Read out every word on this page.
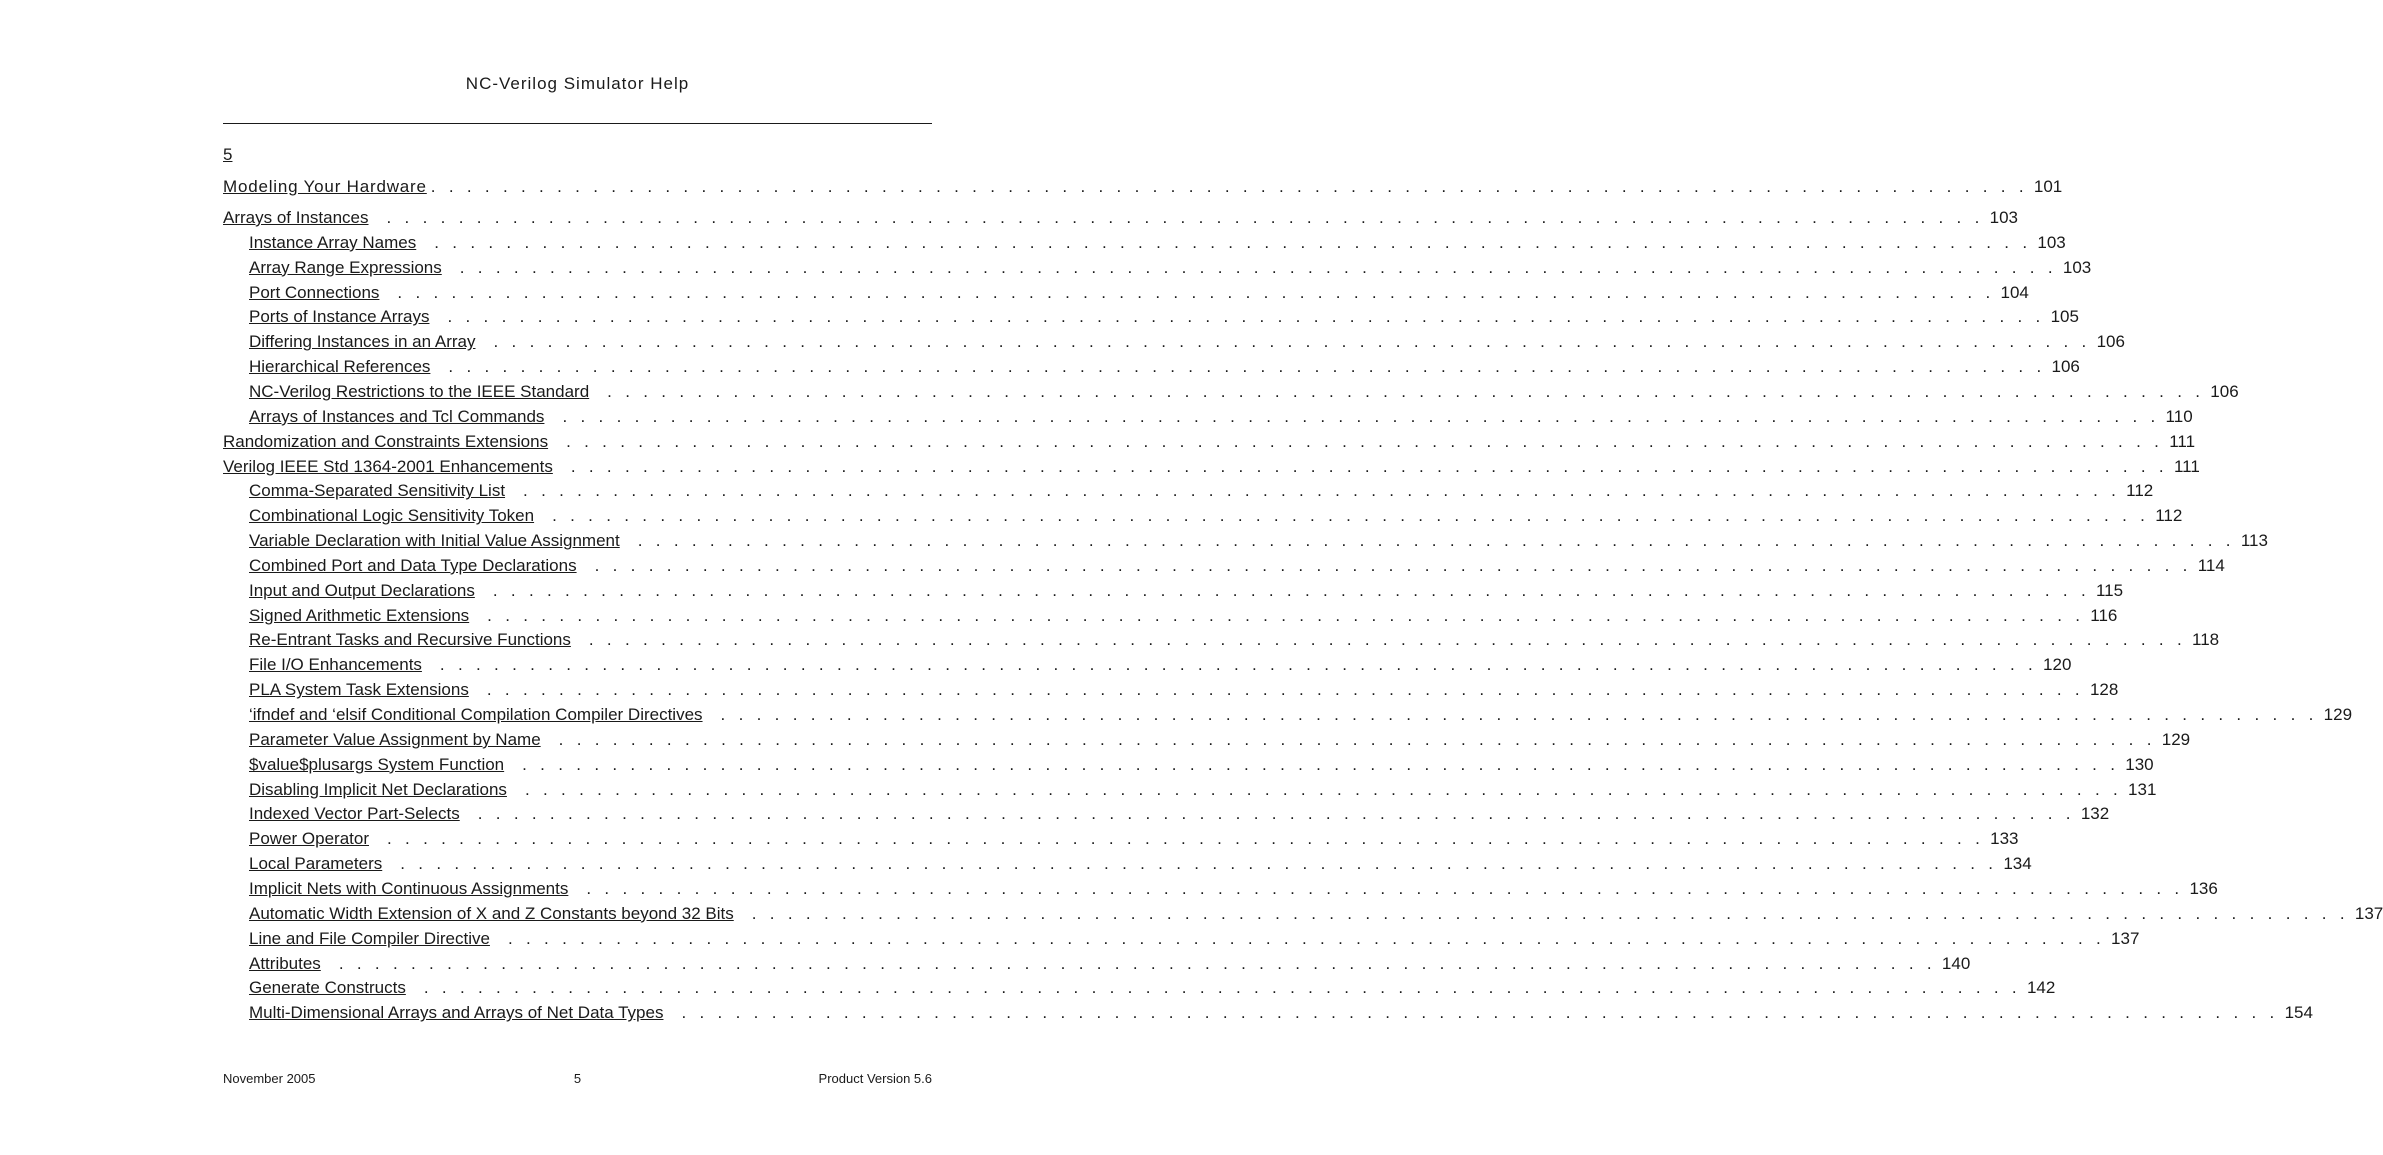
NC-Verilog Simulator Help
5
Modeling Your Hardware . . . . . . . . . . . . . . . . . . . . . . . . . . . . . . . . . . . . . . . . . . . . . . . . . . . . . . . . . . . . . . . . . . . . . . . . . . . . . . . . . . . . . . . . . 101
Arrays of Instances . . . . . . . . . . . . . . . . . . . . . . . . . . . . . . . . . . . . . . . . . . . . . . . . . . . . . . . . . . . . . . . . . . . . . . . . . . . . . . . . . . . . . . . . . 103
Instance Array Names . . . . . . . . . . . . . . . . . . . . . . . . . . . . . . . . . . . . . . . . . . . . . . . . . . . . . . . . . . . . . . . . . . . . . . . . . . . . . . . . . . . . . . . . . 103
Array Range Expressions . . . . . . . . . . . . . . . . . . . . . . . . . . . . . . . . . . . . . . . . . . . . . . . . . . . . . . . . . . . . . . . . . . . . . . . . . . . . . . . . . . . . . . . . . 103
Port Connections . . . . . . . . . . . . . . . . . . . . . . . . . . . . . . . . . . . . . . . . . . . . . . . . . . . . . . . . . . . . . . . . . . . . . . . . . . . . . . . . . . . . . . . . . 104
Ports of Instance Arrays . . . . . . . . . . . . . . . . . . . . . . . . . . . . . . . . . . . . . . . . . . . . . . . . . . . . . . . . . . . . . . . . . . . . . . . . . . . . . . . . . . . . . . . . . 105
Differing Instances in an Array . . . . . . . . . . . . . . . . . . . . . . . . . . . . . . . . . . . . . . . . . . . . . . . . . . . . . . . . . . . . . . . . . . . . . . . . . . . . . . . . . . . . . . . . . 106
Hierarchical References . . . . . . . . . . . . . . . . . . . . . . . . . . . . . . . . . . . . . . . . . . . . . . . . . . . . . . . . . . . . . . . . . . . . . . . . . . . . . . . . . . . . . . . . . 106
NC-Verilog Restrictions to the IEEE Standard . . . . . . . . . . . . . . . . . . . . . . . . . . . . . . . . . . . . . . . . . . . . . . . . . . . . . . . . . . . . . . . . . . . . . . . . . . . . . . . . . . . . . . . . . 106
Arrays of Instances and Tcl Commands . . . . . . . . . . . . . . . . . . . . . . . . . . . . . . . . . . . . . . . . . . . . . . . . . . . . . . . . . . . . . . . . . . . . . . . . . . . . . . . . . . . . . . . . . 110
Randomization and Constraints Extensions . . . . . . . . . . . . . . . . . . . . . . . . . . . . . . . . . . . . . . . . . . . . . . . . . . . . . . . . . . . . . . . . . . . . . . . . . . . . . . . . . . . . . . . . . 111
Verilog IEEE Std 1364-2001 Enhancements . . . . . . . . . . . . . . . . . . . . . . . . . . . . . . . . . . . . . . . . . . . . . . . . . . . . . . . . . . . . . . . . . . . . . . . . . . . . . . . . . . . . . . . . . 111
Comma-Separated Sensitivity List . . . . . . . . . . . . . . . . . . . . . . . . . . . . . . . . . . . . . . . . . . . . . . . . . . . . . . . . . . . . . . . . . . . . . . . . . . . . . . . . . . . . . . . . . 112
Combinational Logic Sensitivity Token . . . . . . . . . . . . . . . . . . . . . . . . . . . . . . . . . . . . . . . . . . . . . . . . . . . . . . . . . . . . . . . . . . . . . . . . . . . . . . . . . . . . . . . . . 112
Variable Declaration with Initial Value Assignment . . . . . . . . . . . . . . . . . . . . . . . . . . . . . . . . . . . . . . . . . . . . . . . . . . . . . . . . . . . . . . . . . . . . . . . . . . . . . . . . . . . . . . . . . 113
Combined Port and Data Type Declarations . . . . . . . . . . . . . . . . . . . . . . . . . . . . . . . . . . . . . . . . . . . . . . . . . . . . . . . . . . . . . . . . . . . . . . . . . . . . . . . . . . . . . . . . . 114
Input and Output Declarations . . . . . . . . . . . . . . . . . . . . . . . . . . . . . . . . . . . . . . . . . . . . . . . . . . . . . . . . . . . . . . . . . . . . . . . . . . . . . . . . . . . . . . . . . 115
Signed Arithmetic Extensions . . . . . . . . . . . . . . . . . . . . . . . . . . . . . . . . . . . . . . . . . . . . . . . . . . . . . . . . . . . . . . . . . . . . . . . . . . . . . . . . . . . . . . . . . 116
Re-Entrant Tasks and Recursive Functions . . . . . . . . . . . . . . . . . . . . . . . . . . . . . . . . . . . . . . . . . . . . . . . . . . . . . . . . . . . . . . . . . . . . . . . . . . . . . . . . . . . . . . . . . 118
File I/O Enhancements . . . . . . . . . . . . . . . . . . . . . . . . . . . . . . . . . . . . . . . . . . . . . . . . . . . . . . . . . . . . . . . . . . . . . . . . . . . . . . . . . . . . . . . . . 120
PLA System Task Extensions . . . . . . . . . . . . . . . . . . . . . . . . . . . . . . . . . . . . . . . . . . . . . . . . . . . . . . . . . . . . . . . . . . . . . . . . . . . . . . . . . . . . . . . . . 128
‘ifndef and ‘elsif Conditional Compilation Compiler Directives . . . . . . . . . . . . . . . . . . . . . . . . . . . . . . . . . . . . . . . . . . . . . . . . . . . . . . . . . . . . . . . . . . . . . . . . . . . . . . . . . . . . . . . . . 129
Parameter Value Assignment by Name . . . . . . . . . . . . . . . . . . . . . . . . . . . . . . . . . . . . . . . . . . . . . . . . . . . . . . . . . . . . . . . . . . . . . . . . . . . . . . . . . . . . . . . . . 129
$value$plusargs System Function . . . . . . . . . . . . . . . . . . . . . . . . . . . . . . . . . . . . . . . . . . . . . . . . . . . . . . . . . . . . . . . . . . . . . . . . . . . . . . . . . . . . . . . . . 130
Disabling Implicit Net Declarations . . . . . . . . . . . . . . . . . . . . . . . . . . . . . . . . . . . . . . . . . . . . . . . . . . . . . . . . . . . . . . . . . . . . . . . . . . . . . . . . . . . . . . . . . 131
Indexed Vector Part-Selects . . . . . . . . . . . . . . . . . . . . . . . . . . . . . . . . . . . . . . . . . . . . . . . . . . . . . . . . . . . . . . . . . . . . . . . . . . . . . . . . . . . . . . . . . 132
Power Operator . . . . . . . . . . . . . . . . . . . . . . . . . . . . . . . . . . . . . . . . . . . . . . . . . . . . . . . . . . . . . . . . . . . . . . . . . . . . . . . . . . . . . . . . . 133
Local Parameters . . . . . . . . . . . . . . . . . . . . . . . . . . . . . . . . . . . . . . . . . . . . . . . . . . . . . . . . . . . . . . . . . . . . . . . . . . . . . . . . . . . . . . . . . 134
Implicit Nets with Continuous Assignments . . . . . . . . . . . . . . . . . . . . . . . . . . . . . . . . . . . . . . . . . . . . . . . . . . . . . . . . . . . . . . . . . . . . . . . . . . . . . . . . . . . . . . . . . 136
Automatic Width Extension of X and Z Constants beyond 32 Bits . . . . . . . . . . . . . . . . . . . . . . . . . . . . . . . . . . . . . . . . . . . . . . . . . . . . . . . . . . . . . . . . . . . . . . . . . . . . . . . . . . . . . . . . . 137
Line and File Compiler Directive . . . . . . . . . . . . . . . . . . . . . . . . . . . . . . . . . . . . . . . . . . . . . . . . . . . . . . . . . . . . . . . . . . . . . . . . . . . . . . . . . . . . . . . . . 137
Attributes . . . . . . . . . . . . . . . . . . . . . . . . . . . . . . . . . . . . . . . . . . . . . . . . . . . . . . . . . . . . . . . . . . . . . . . . . . . . . . . . . . . . . . . . . 140
Generate Constructs . . . . . . . . . . . . . . . . . . . . . . . . . . . . . . . . . . . . . . . . . . . . . . . . . . . . . . . . . . . . . . . . . . . . . . . . . . . . . . . . . . . . . . . . . 142
Multi-Dimensional Arrays and Arrays of Net Data Types . . . . . . . . . . . . . . . . . . . . . . . . . . . . . . . . . . . . . . . . . . . . . . . . . . . . . . . . . . . . . . . . . . . . . . . . . . . . . . . . . . . . . . . . . 154
November 2005	5	Product Version 5.6
